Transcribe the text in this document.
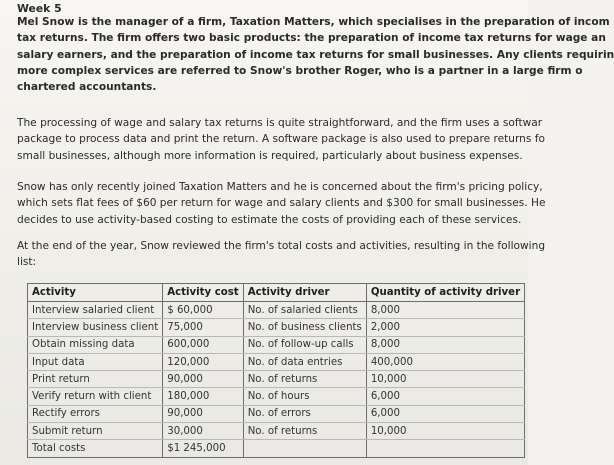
Week 5

Mel Snow is the manager of a firm, Taxation Matters, which specialises in the preparation of incom
tax returns. The firm offers two basic products: the preparation of income tax returns for wage an
salary earners, and the preparation of income tax returns for small businesses. Any clients requirin
more complex services are referred to Snow's brother Roger, who is a partner in a large firm o
chartered accountants.

The processing of wage and salary tax returns is quite straightforward, and the firm uses a softwar
package to process data and print the return. A software package is also used to prepare returns fo
small businesses, although more information is required, particularly about business expenses.

Snow has only recently joined Taxation Matters and he is concerned about the firm's pricing policy,
which sets flat fees of $60 per return for wage and salary clients and $300 for small businesses. He
decides to use activity-based costing to estimate the costs of providing each of these services.

At the end of the year, Snow reviewed the firm's total costs and activities, resulting in the following
list:

Activity	Activity cost	Activity driver	Quantity of activity driver
Interview salaried client	$ 60,000	No. of salaried clients	8,000
Interview business client	75,000	No. of business clients	2,000
Obtain missing data	600,000	No. of follow-up calls	8,000
Input data	120,000	No. of data entries	400,000
Print return	90,000	No. of returns	10,000
Verify return with client	180,000	No. of hours	6,000
Rectify errors	90,000	No. of errors	6,000
Submit return	30,000	No. of returns	10,000
Total costs	$1 245,000		
